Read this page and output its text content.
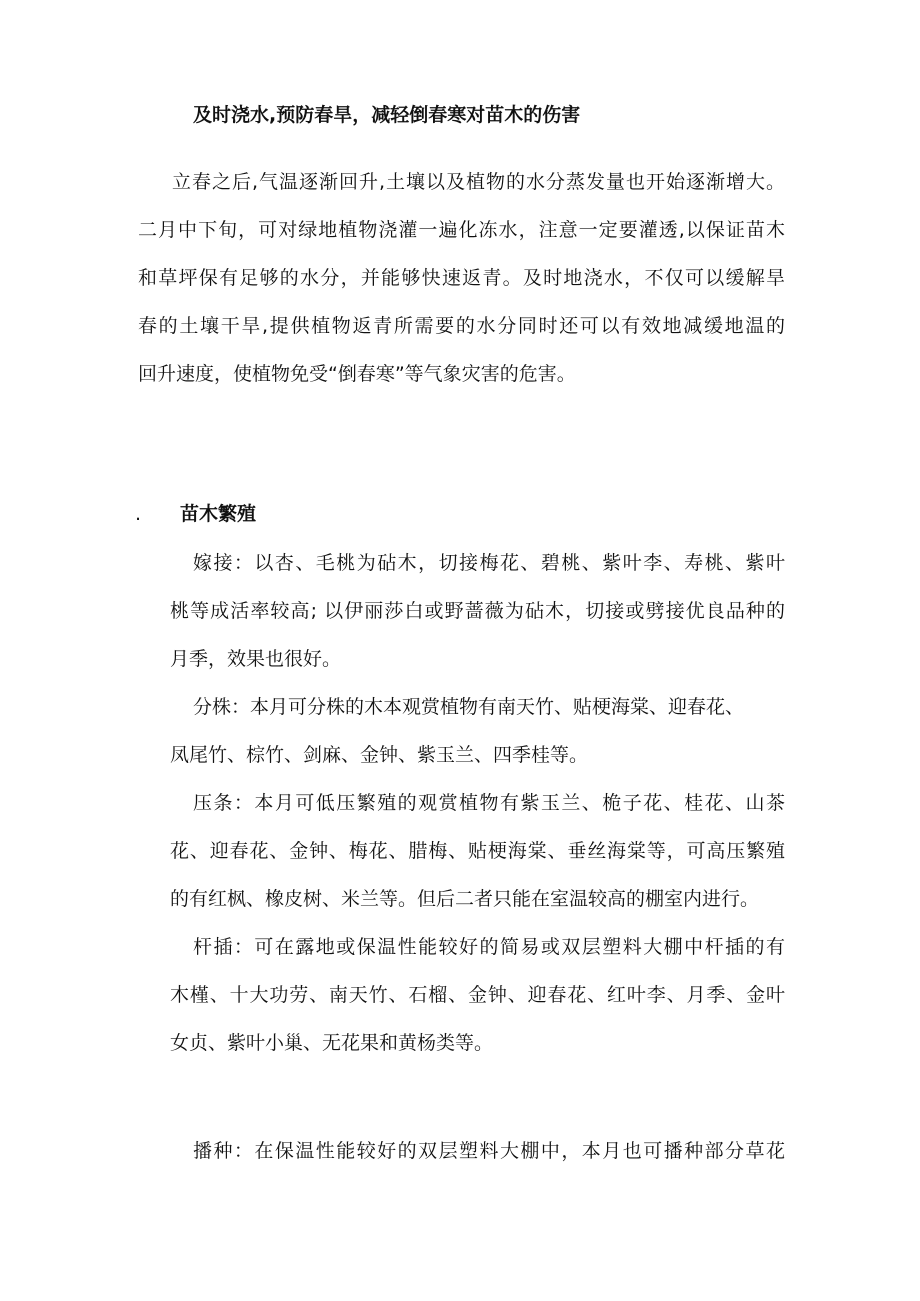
及时浇水,预防春旱，减轻倒春寒对苗木的伤害
立春之后,气温逐渐回升,土壤以及植物的水分蒸发量也开始逐渐增大。
二月中下旬，可对绿地植物浇灌一遍化冻水，注意一定要灌透,以保证苗木
和草坪保有足够的水分，并能够快速返青。及时地浇水，不仅可以缓解旱
春的土壤干旱,提供植物返青所需要的水分同时还可以有效地减缓地温的
回升速度，使植物免受“倒春寒”等气象灾害的危害。
. 苗木繁殖
嫁接：以杏、毛桃为砧木，切接梅花、碧桃、紫叶李、寿桃、紫叶
桃等成活率较高; 以伊丽莎白或野蔷薇为砧木，切接或劈接优良品种的
月季，效果也很好。
分株：本月可分株的木本观赏植物有南天竹、贴梗海棠、迎春花、
凤尾竹、棕竹、剑麻、金钟、紫玉兰、四季桂等。
压条：本月可低压繁殖的观赏植物有紫玉兰、桅子花、桂花、山茶
花、迎春花、金钟、梅花、腊梅、贴梗海棠、垂丝海棠等，可高压繁殖
的有红枫、橡皮树、米兰等。但后二者只能在室温较高的棚室内进行。
杆插：可在露地或保温性能较好的简易或双层塑料大棚中杆插的有
木槿、十大功劳、南天竹、石榴、金钟、迎春花、红叶李、月季、金叶
女贞、紫叶小巢、无花果和黄杨类等。
播种：在保温性能较好的双层塑料大棚中，本月也可播种部分草花
